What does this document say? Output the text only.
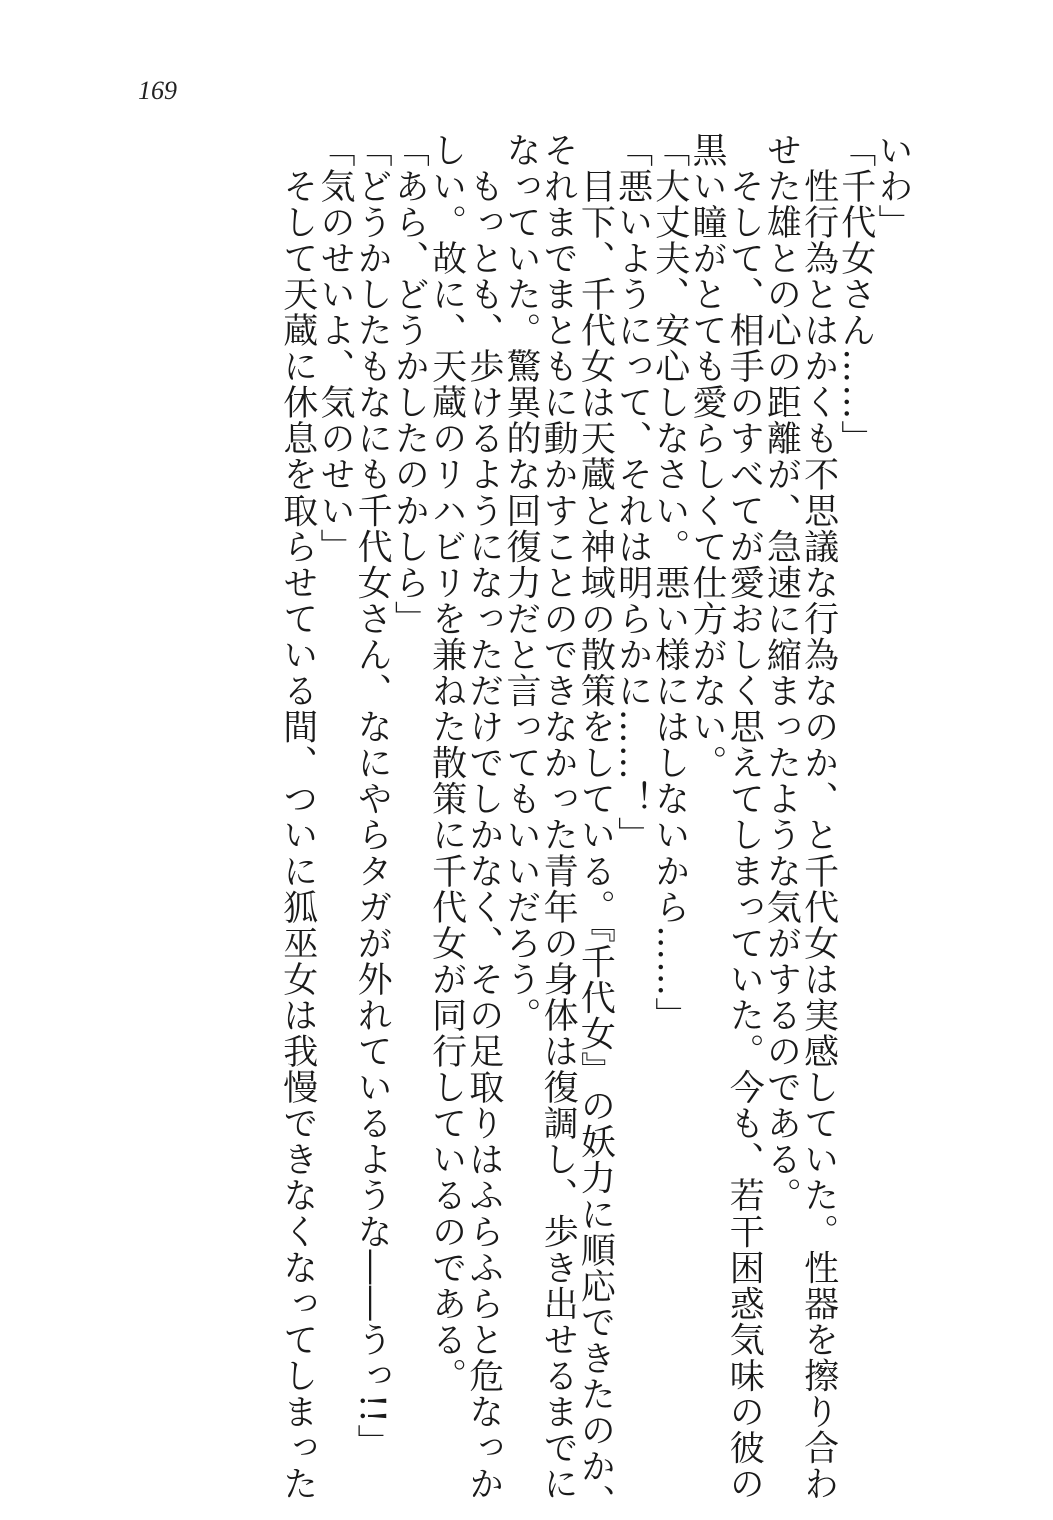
169
いわ」
「千代女さん……」
　性行為とはかくも不思議な行為なのか、と千代女は実感していた。性器を擦り合わ
せた雄との心の距離が、急速に縮まったような気がするのである。
　そして、相手のすべてが愛おしく思えてしまっていた。今も、若干困惑気味の彼の
黒い瞳がとても愛らしくて仕方がない。
「大丈夫、安心しなさい。悪い様にはしないから……」
「悪いようにって、それは明らかに……！」
　目下、千代女は天蔵と神域の散策をしている。『千代女』の妖力に順応できたのか、
それまでまともに動かすことのできなかった青年の身体は復調し、歩き出せるまでに
なっていた。驚異的な回復力だと言ってもいいだろう。
　もっとも、歩けるようになっただけでしかなく、その足取りはふらふらと危なっか
しい。故に、天蔵のリハビリを兼ねた散策に千代女が同行しているのである。
「あら、どうかしたのかしら」
「どうかしたもなにも千代女さん、なにやらタガが外れているような――うっ!!」
「気のせいよ、気のせい」
　そして天蔵に休息を取らせている間、ついに狐巫女は我慢できなくなってしまった
